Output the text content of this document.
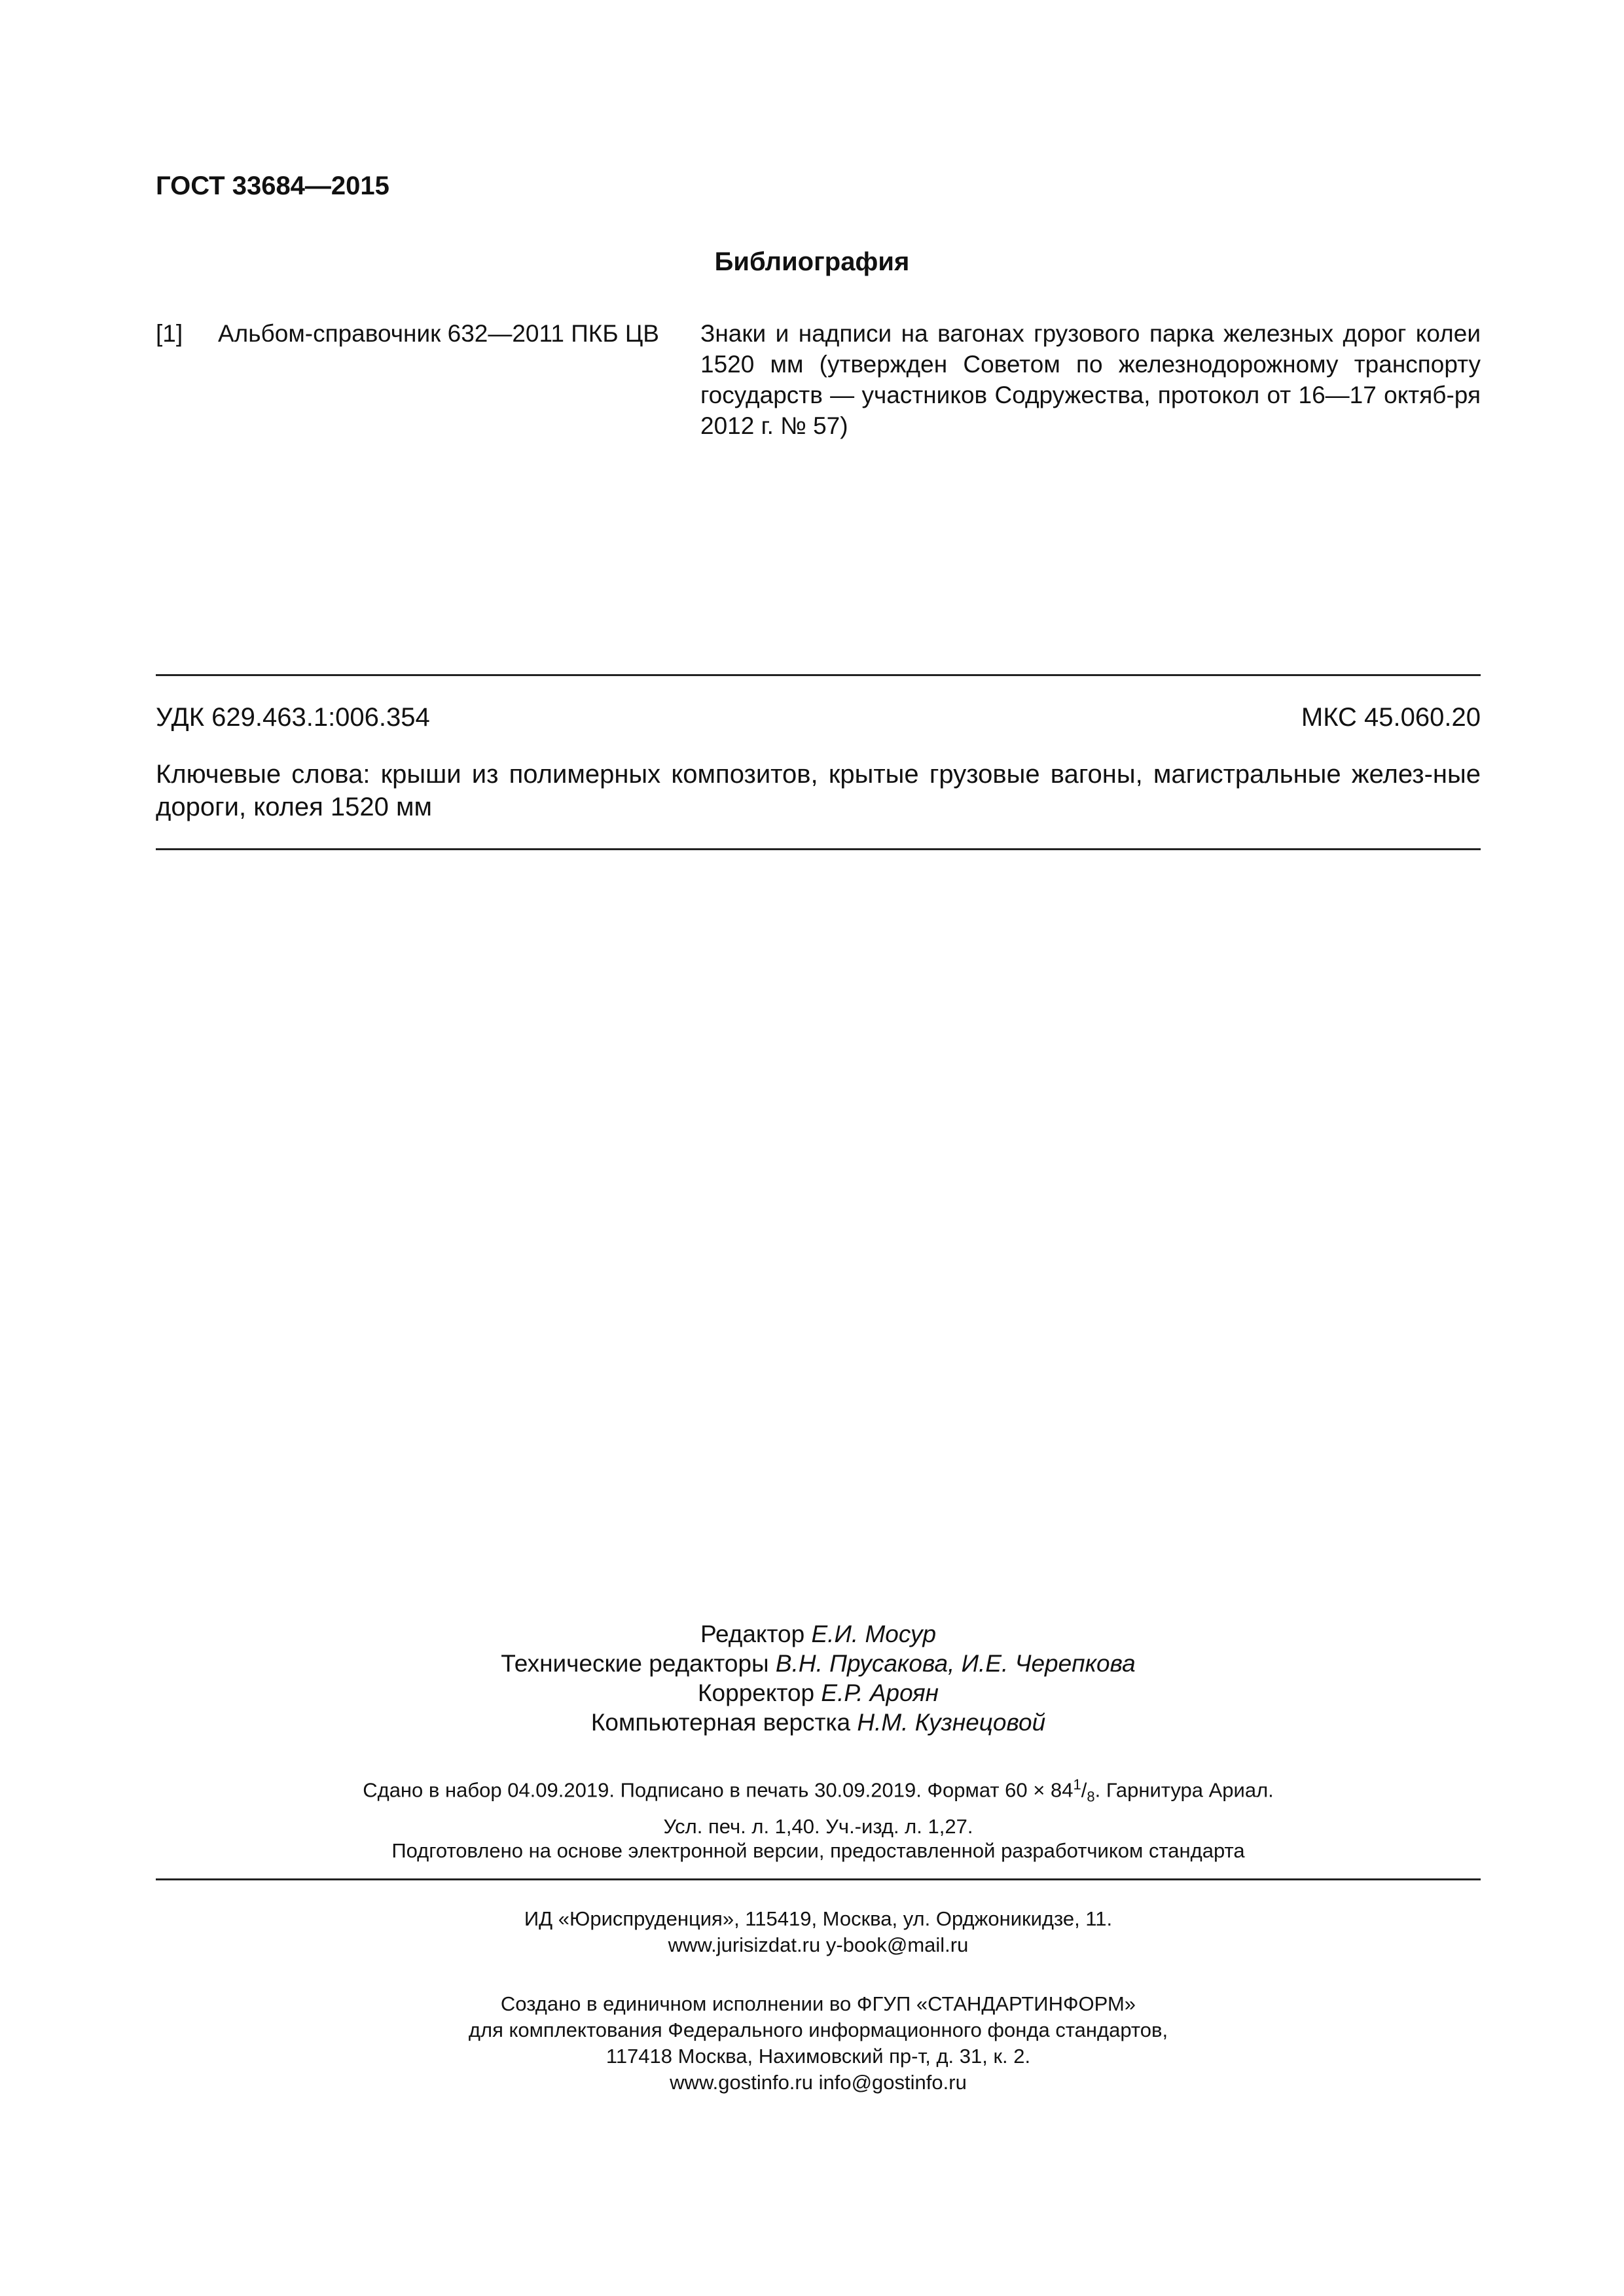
ГОСТ 33684—2015
Библиография
[1] Альбом-справочник 632—2011 ПКБ ЦВ Знаки и надписи на вагонах грузового парка железных дорог колеи 1520 мм (утвержден Советом по железнодорожному транспорту государств — участников Содружества, протокол от 16—17 октяб-ря 2012 г. № 57)
УДК 629.463.1:006.354	МКС 45.060.20
Ключевые слова: крыши из полимерных композитов, крытые грузовые вагоны, магистральные желез-ные дороги, колея 1520 мм
Редактор Е.И. Мосур
Технические редакторы В.Н. Прусакова, И.Е. Черепкова
Корректор Е.Р. Ароян
Компьютерная верстка Н.М. Кузнецовой
Сдано в набор 04.09.2019. Подписано в печать 30.09.2019. Формат $60 \times 84^1/_8$. Гарнитура Ариал.
Усл. печ. л. 1,40. Уч.-изд. л. 1,27.
Подготовлено на основе электронной версии, предоставленной разработчиком стандарта
ИД «Юриспруденция», 115419, Москва, ул. Орджоникидзе, 11.
www.jurisizdat.ru y-book@mail.ru
Создано в единичном исполнении во ФГУП «СТАНДАРТИНФОРМ»
для комплектования Федерального информационного фонда стандартов,
117418 Москва, Нахимовский пр-т, д. 31, к. 2.
www.gostinfo.ru info@gostinfo.ru
